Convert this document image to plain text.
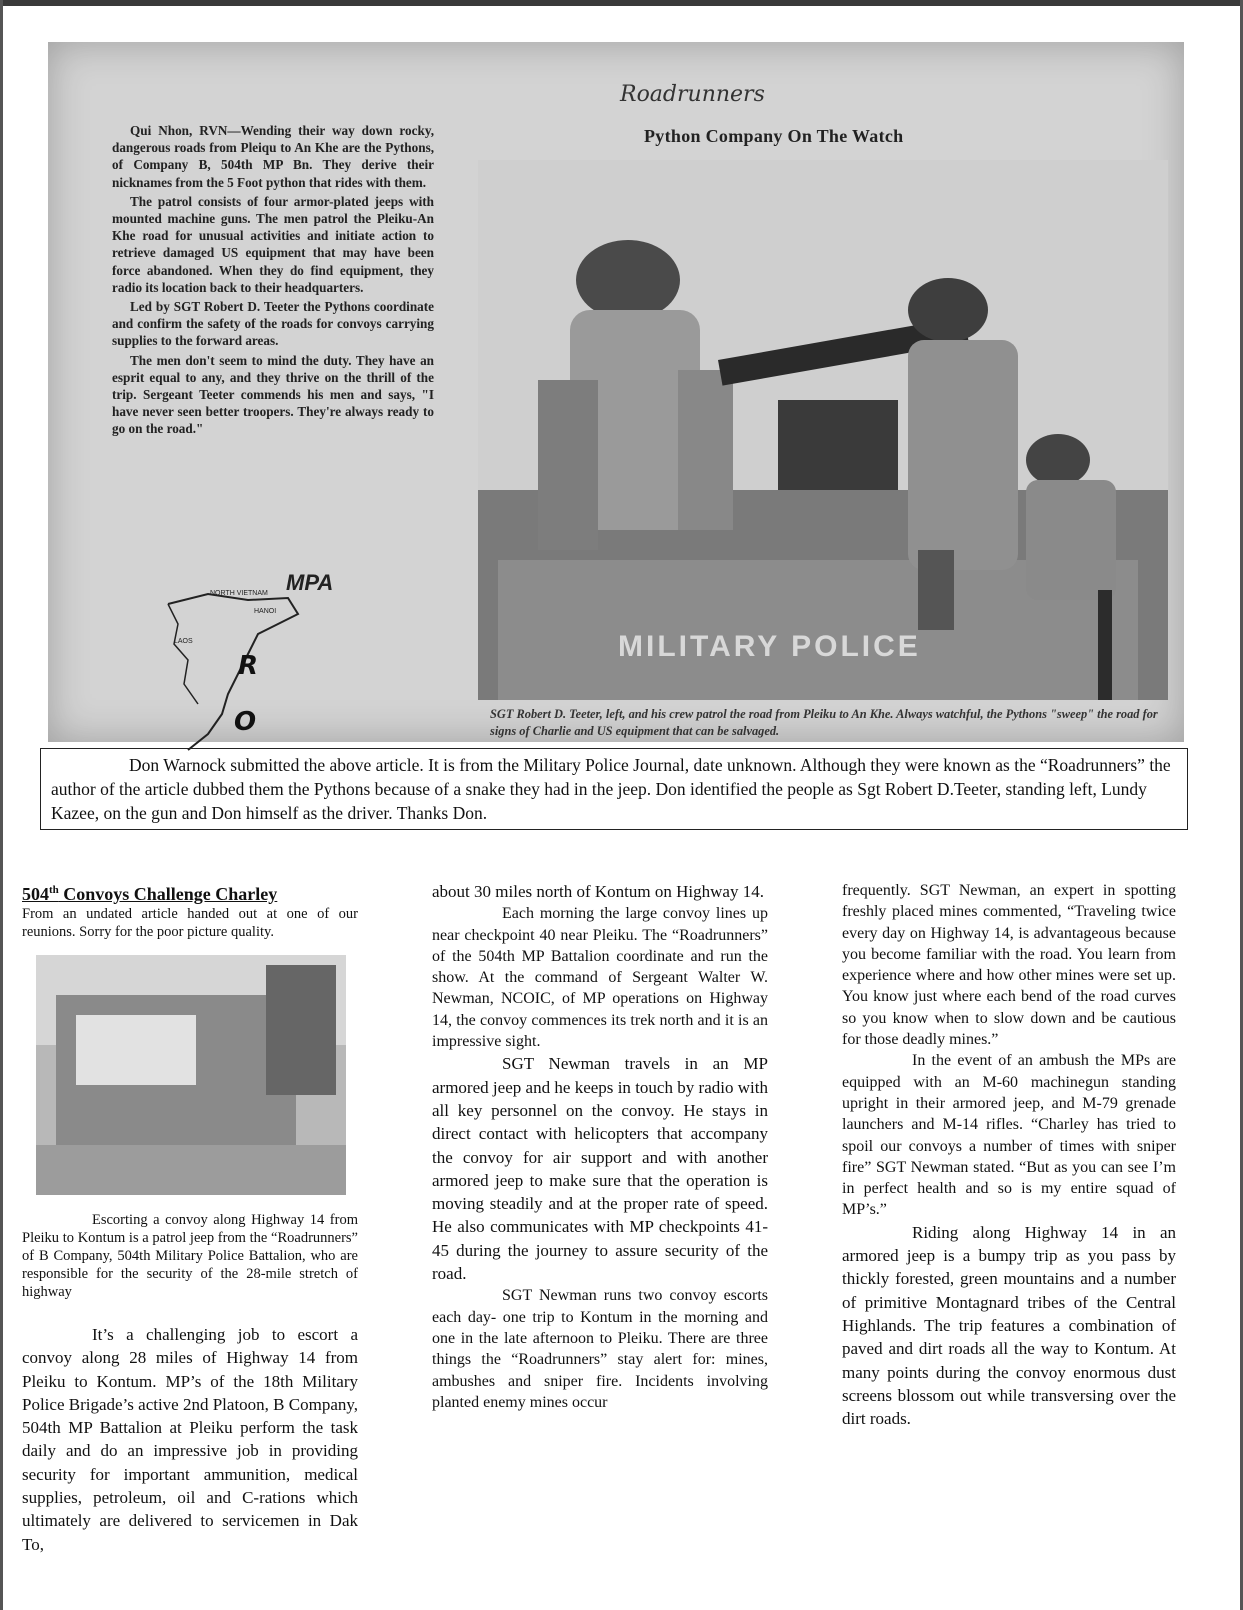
Roadrunners
Python Company On The Watch

Qui Nhon, RVN—Wending their way down rocky, dangerous roads from Pleiqu to An Khe are the Pythons, of Company B, 504th MP Bn. They derive their nicknames from the 5 Foot python that rides with them.

The patrol consists of four armor-plated jeeps with mounted machine guns. The men patrol the Pleiku-An Khe road for unusual activities and initiate action to retrieve damaged US equipment that may have been force abandoned. When they do find equipment, they radio its location back to their headquarters.

Led by SGT Robert D. Teeter the Pythons coordinate and confirm the safety of the roads for convoys carrying supplies to the forward areas.

The men don't seem to mind the duty. They have an esprit equal to any, and they thrive on the thrill of the trip. Sergeant Teeter commends his men and says, "I have never seen better troopers. They're always ready to go on the road."

MILITARY POLICE
SGT Robert D. Teeter, left, and his crew patrol the road from Pleiku to An Khe. Always watchful, the Pythons "sweep" the road for signs of Charlie and US equipment that can be salvaged.
R
O
MPA
NORTH VIETNAM
LAOS
HANOI
Don Warnock submitted the above article. It is from the Military Police Journal, date unknown. Although they were known as the “Roadrunners” the author of the article dubbed them the Pythons because of a snake they had in the jeep. Don identified the people as Sgt Robert D.Teeter, standing left, Lundy Kazee, on the gun and Don himself as the driver. Thanks Don.
504th Convoys Challenge Charley

From an undated article handed out at one of our reunions. Sorry for the poor picture quality.

Escorting a convoy along Highway 14 from Pleiku to Kontum is a patrol jeep from the “Roadrunners” of B Company, 504th Military Police Battalion, who are responsible for the security of the 28-mile stretch of highway

It’s a challenging job to escort a convoy along 28 miles of Highway 14 from Pleiku to Kontum. MP’s of the 18th Military Police Brigade’s active 2nd Platoon, B Company, 504th MP Battalion at Pleiku perform the task daily and do an impressive job in providing security for important ammunition, medical supplies, petroleum, oil and C-rations which ultimately are delivered to servicemen in Dak To,

about 30 miles north of Kontum on Highway 14.

Each morning the large convoy lines up near checkpoint 40 near Pleiku. The “Roadrunners” of the 504th MP Battalion coordinate and run the show. At the command of Sergeant Walter W. Newman, NCOIC, of MP operations on Highway 14, the convoy commences its trek north and it is an impressive sight.

SGT Newman travels in an MP armored jeep and he keeps in touch by radio with all key personnel on the convoy. He stays in direct contact with helicopters that accompany the convoy for air support and with another armored jeep to make sure that the operation is moving steadily and at the proper rate of speed. He also communicates with MP checkpoints 41-45 during the journey to assure security of the road.

SGT Newman runs two convoy escorts each day- one trip to Kontum in the morning and one in the late afternoon to Pleiku. There are three things the “Roadrunners” stay alert for: mines, ambushes and sniper fire. Incidents involving planted enemy mines occur

frequently. SGT Newman, an expert in spotting freshly placed mines commented, “Traveling twice every day on Highway 14, is advantageous because you become familiar with the road. You learn from experience where and how other mines were set up. You know just where each bend of the road curves so you know when to slow down and be cautious for those deadly mines.”

In the event of an ambush the MPs are equipped with an M-60 machinegun standing upright in their armored jeep, and M-79 grenade launchers and M-14 rifles. “Charley has tried to spoil our convoys a number of times with sniper fire” SGT Newman stated. “But as you can see I’m in perfect health and so is my entire squad of MP’s.”

Riding along Highway 14 in an armored jeep is a bumpy trip as you pass by thickly forested, green mountains and a number of primitive Montagnard tribes of the Central Highlands. The trip features a combination of paved and dirt roads all the way to Kontum. At many points during the convoy enormous dust screens blossom out while transversing over the dirt roads.
